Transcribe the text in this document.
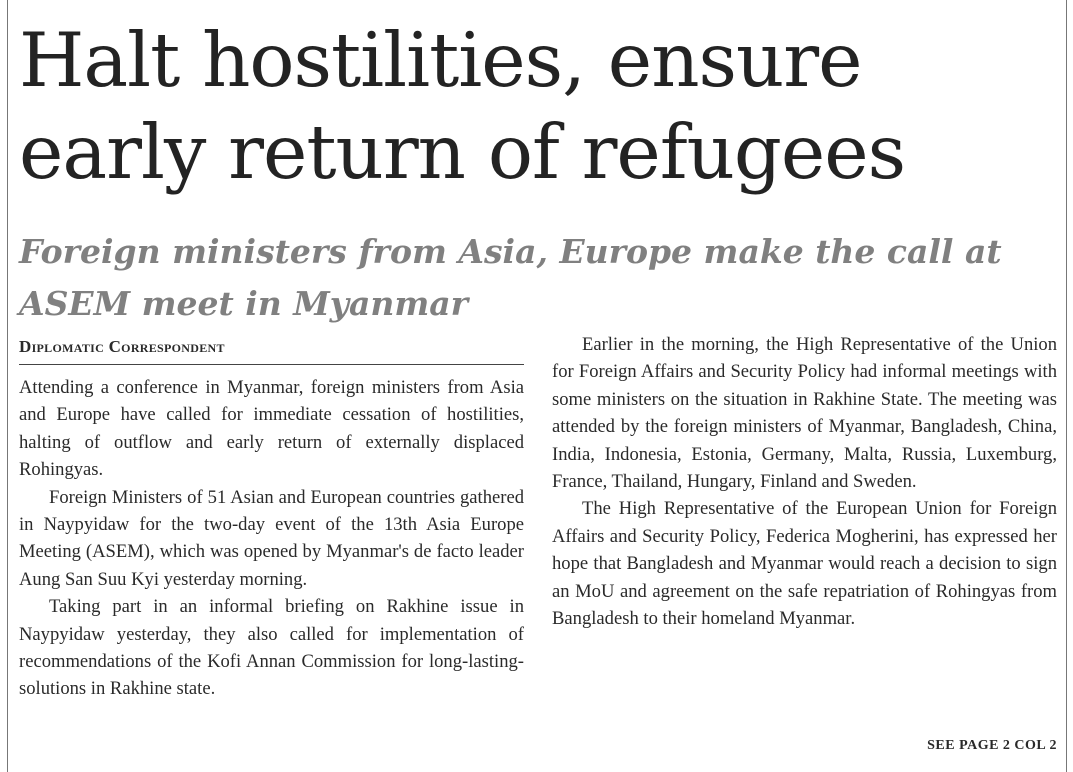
Halt hostilities, ensure early return of refugees
Foreign ministers from Asia, Europe make the call at ASEM meet in Myanmar
Diplomatic Correspondent

Attending a conference in Myanmar, foreign ministers from Asia and Europe have called for immediate cessation of hostilities, halting of outflow and early return of externally displaced Rohingyas.

Foreign Ministers of 51 Asian and European countries gathered in Naypyidaw for the two-day event of the 13th Asia Europe Meeting (ASEM), which was opened by Myanmar's de facto leader Aung San Suu Kyi yesterday morning.

Taking part in an informal briefing on Rakhine issue in Naypyidaw yesterday, they also called for implementation of recommendations of the Kofi Annan Commission for long-lasting-solutions in Rakhine state.

Earlier in the morning, the High Representative of the Union for Foreign Affairs and Security Policy had informal meetings with some ministers on the situation in Rakhine State. The meeting was attended by the foreign ministers of Myanmar, Bangladesh, China, India, Indonesia, Estonia, Germany, Malta, Russia, Luxemburg, France, Thailand, Hungary, Finland and Sweden.

The High Representative of the European Union for Foreign Affairs and Security Policy, Federica Mogherini, has expressed her hope that Bangladesh and Myanmar would reach a decision to sign an MoU and agreement on the safe repatriation of Rohingyas from Bangladesh to their homeland Myanmar.

SEE PAGE 2 COL 2
